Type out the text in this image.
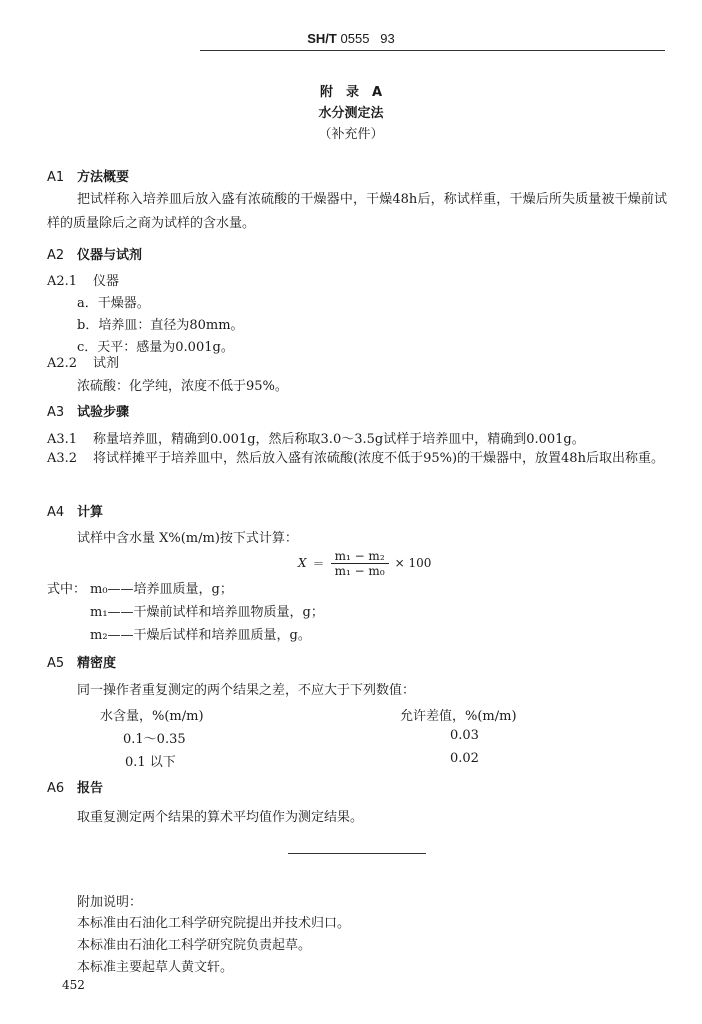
SH/T 0555 93
附　录　A
水分测定法
（补充件）
A1 方法概要
把试样称入培养皿后放入盛有浓硫酸的干燥器中，干燥48h后，称试样重，干燥后所失质量被干燥前试样的质量除后之商为试样的含水量。
A2 仪器与试剂
A2.1 仪器
a．干燥器。
b．培养皿：直径为80mm。
c．天平：感量为0.001g。
A2.2 试剂
浓硫酸：化学纯，浓度不低于95%。
A3 试验步骤
A3.1 称量培养皿，精确到0.001g，然后称取3.0～3.5g试样于培养皿中，精确到0.001g。
A3.2 将试样摊平于培养皿中，然后放入盛有浓硫酸(浓度不低于95%)的干燥器中，放置48h后取出称重。
A4 计算
试样中含水量 X%(m/m)按下式计算：
$X = \frac{\text{m₁ − m₂}}{\text{m₁ − m₀}} \times 100$
式中： m₀——培养皿质量，g；
m₁——干燥前试样和培养皿物质量，g；
m₂——干燥后试样和培养皿质量，g。
A5 精密度
同一操作者重复测定的两个结果之差，不应大于下列数值：
水含量，%(m/m)	允许差值，%(m/m)
0.1～0.35	0.03
0.1 以下	0.02
A6 报告
取重复测定两个结果的算术平均值作为测定结果。
附加说明：
本标准由石油化工科学研究院提出并技术归口。
本标准由石油化工科学研究院负责起草。
本标准主要起草人黄文轩。
452
